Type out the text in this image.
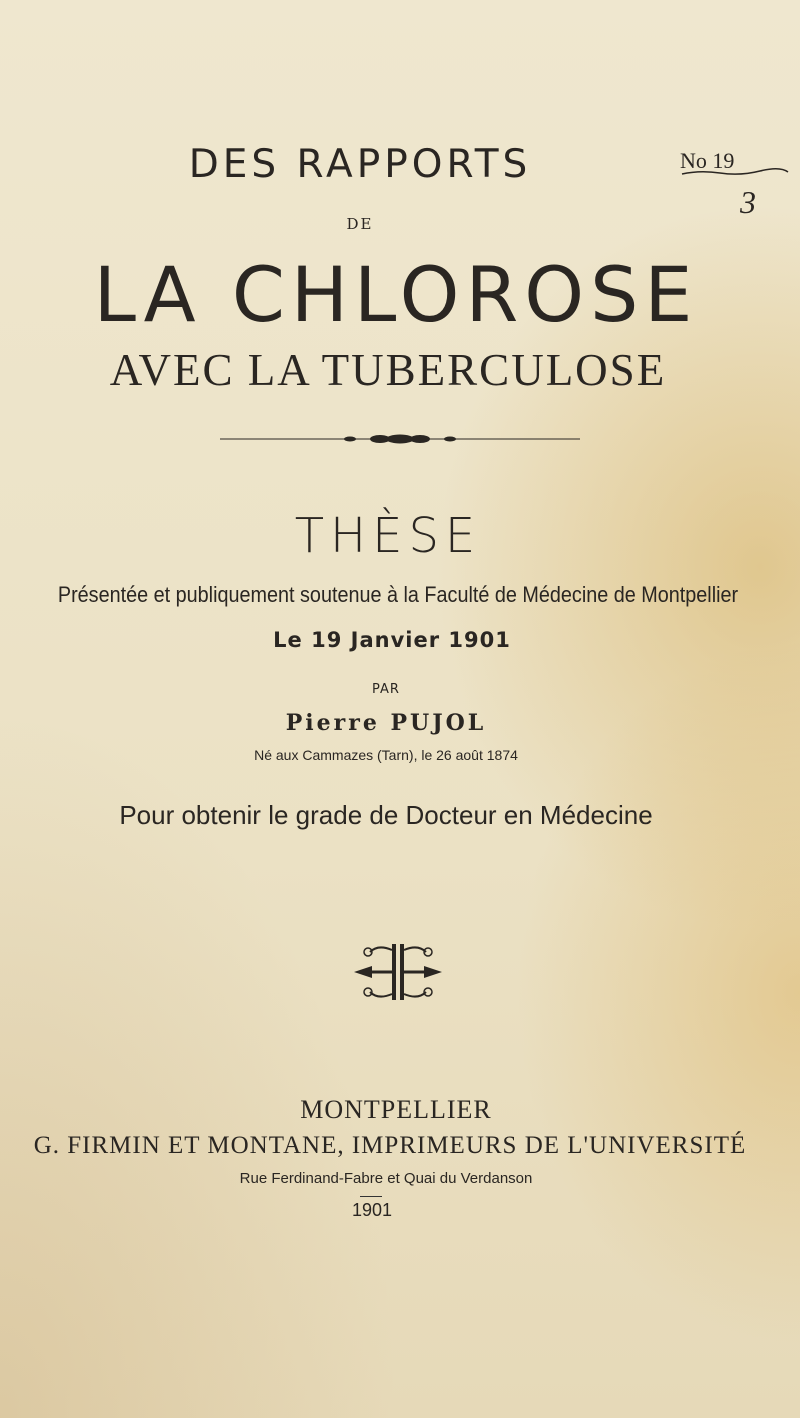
DES RAPPORTS
DE
LA CHLOROSE
AVEC LA TUBERCULOSE
THÈSE
Présentée et publiquement soutenue à la Faculté de Médecine de Montpellier
Le 19 Janvier 1901
PAR
Pierre PUJOL
Né aux Cammazes (Tarn), le 26 août 1874
Pour obtenir le grade de Docteur en Médecine
MONTPELLIER
G. FIRMIN ET MONTANE, IMPRIMEURS DE L'UNIVERSITÉ
Rue Ferdinand-Fabre et Quai du Verdanson
1901
No 19
3
